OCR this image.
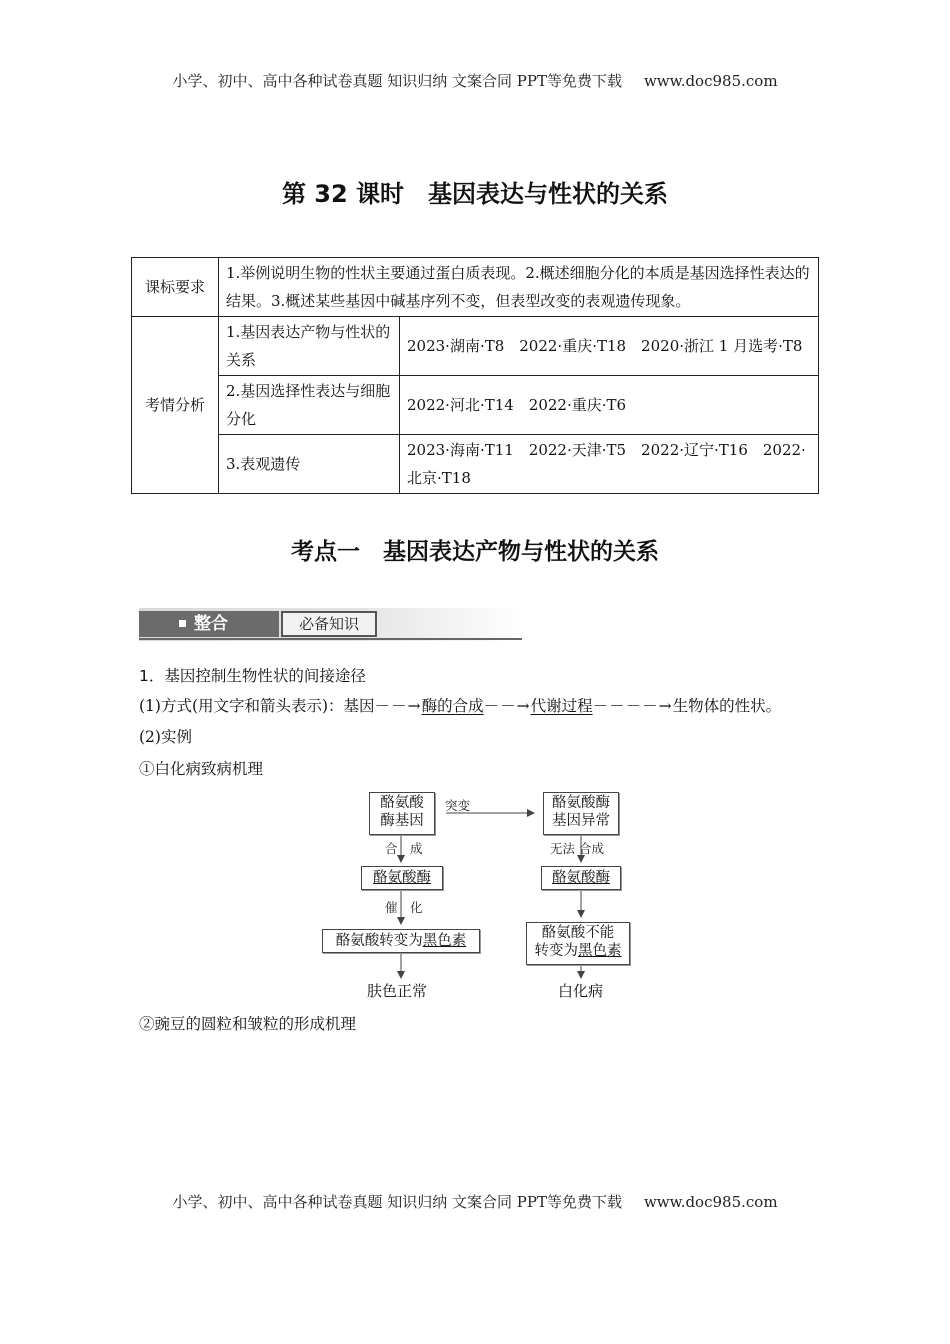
小学、初中、高中各种试卷真题 知识归纳 文案合同 PPT等免费下载 www.doc985.com
第 32 课时　基因表达与性状的关系
课标要求	1.举例说明生物的性状主要通过蛋白质表现。2.概述细胞分化的本质是基因选择性表达的结果。3.概述某些基因中碱基序列不变，但表型改变的表观遗传现象。	
考情分析	1.基因表达产物与性状的关系	2023·湖南·T8　2022·重庆·T18　2020·浙江 1 月选考·T8
	2.基因选择性表达与细胞分化	2022·河北·T14　2022·重庆·T6
	3.表观遗传	2023·海南·T11　2022·天津·T5　2022·辽宁·T16　2022·北京·T18
考点一　基因表达产物与性状的关系
整合	必备知识
1．基因控制生物性状的间接途径
(1)方式(用文字和箭头表示)：基因－－→酶的合成－－→代谢过程－－－－→生物体的性状。
(2)实例
①白化病致病机理
酪氨酸
酶基因
突变	酪氨酸酶
基因异常
合　成	无法 合成
酪氨酸酶	酪氨酸酶
催　化
酪氨酸转变为黑色素	酪氨酸不能
转变为黑色素
肤色正常	白化病
②豌豆的圆粒和皱粒的形成机理
小学、初中、高中各种试卷真题 知识归纳 文案合同 PPT等免费下载 www.doc985.com
